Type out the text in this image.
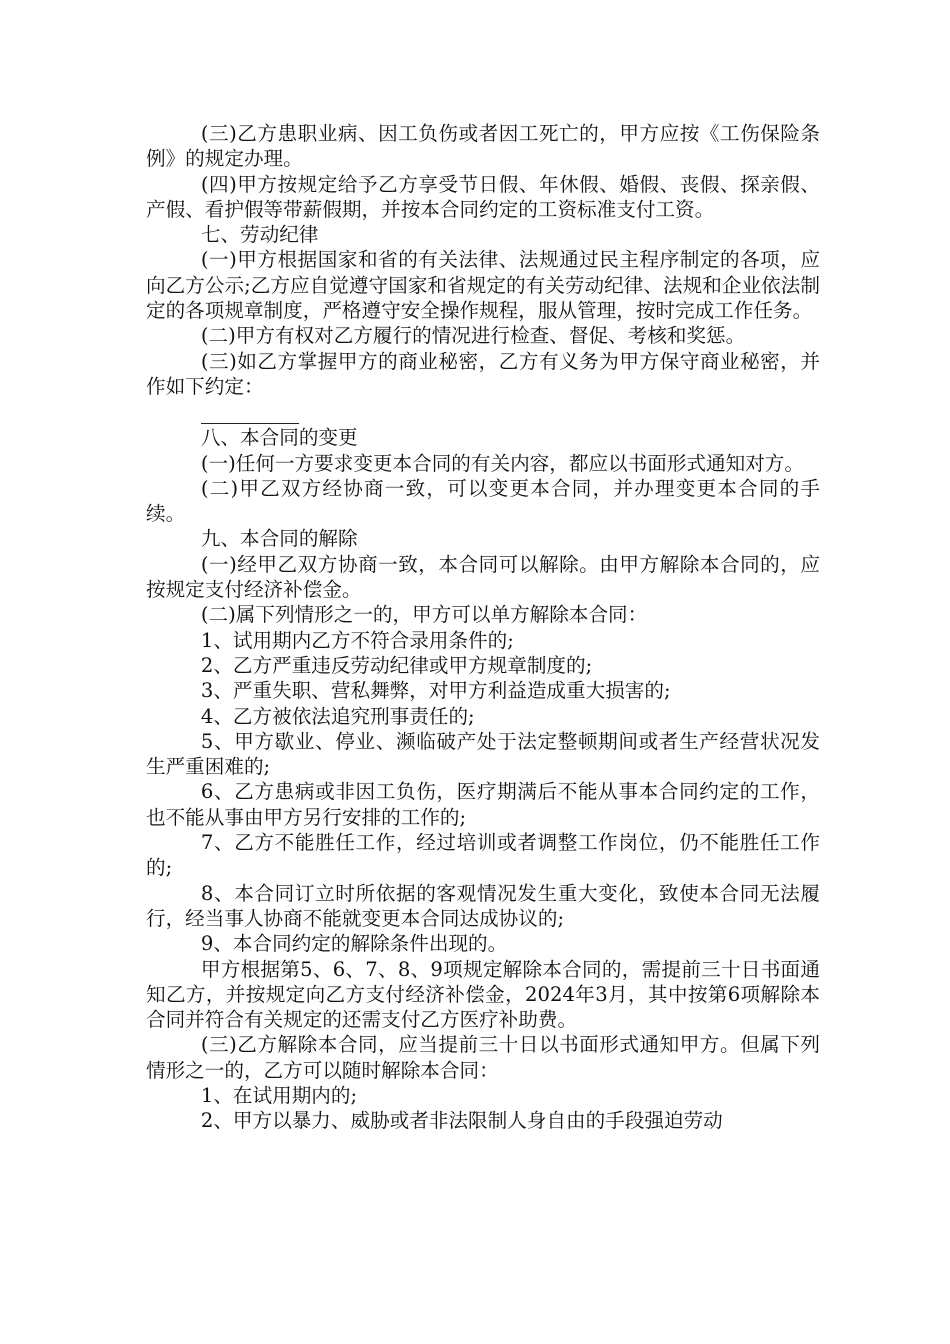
(三)乙方患职业病、因工负伤或者因工死亡的，甲方应按《工伤保险条例》的规定办理。

(四)甲方按规定给予乙方享受节日假、年休假、婚假、丧假、探亲假、产假、看护假等带薪假期，并按本合同约定的工资标准支付工资。

七、劳动纪律

(一)甲方根据国家和省的有关法律、法规通过民主程序制定的各项，应向乙方公示;乙方应自觉遵守国家和省规定的有关劳动纪律、法规和企业依法制定的各项规章制度，严格遵守安全操作规程，服从管理，按时完成工作任务。

(二)甲方有权对乙方履行的情况进行检查、督促、考核和奖惩。

(三)如乙方掌握甲方的商业秘密，乙方有义务为甲方保守商业秘密，并作如下约定：

八、本合同的变更

(一)任何一方要求变更本合同的有关内容，都应以书面形式通知对方。

(二)甲乙双方经协商一致，可以变更本合同，并办理变更本合同的手续。

九、本合同的解除

(一)经甲乙双方协商一致，本合同可以解除。由甲方解除本合同的，应按规定支付经济补偿金。

(二)属下列情形之一的，甲方可以单方解除本合同：

1、试用期内乙方不符合录用条件的;

2、乙方严重违反劳动纪律或甲方规章制度的;

3、严重失职、营私舞弊，对甲方利益造成重大损害的;

4、乙方被依法追究刑事责任的;

5、甲方歇业、停业、濒临破产处于法定整顿期间或者生产经营状况发生严重困难的;

6、乙方患病或非因工负伤，医疗期满后不能从事本合同约定的工作，也不能从事由甲方另行安排的工作的;

7、乙方不能胜任工作，经过培训或者调整工作岗位，仍不能胜任工作的;

8、本合同订立时所依据的客观情况发生重大变化，致使本合同无法履行，经当事人协商不能就变更本合同达成协议的;

9、本合同约定的解除条件出现的。

甲方根据第5、6、7、8、9项规定解除本合同的，需提前三十日书面通知乙方，并按规定向乙方支付经济补偿金，2024年3月，其中按第6项解除本合同并符合有关规定的还需支付乙方医疗补助费。

(三)乙方解除本合同，应当提前三十日以书面形式通知甲方。但属下列情形之一的，乙方可以随时解除本合同：

1、在试用期内的;

2、甲方以暴力、威胁或者非法限制人身自由的手段强迫劳动
